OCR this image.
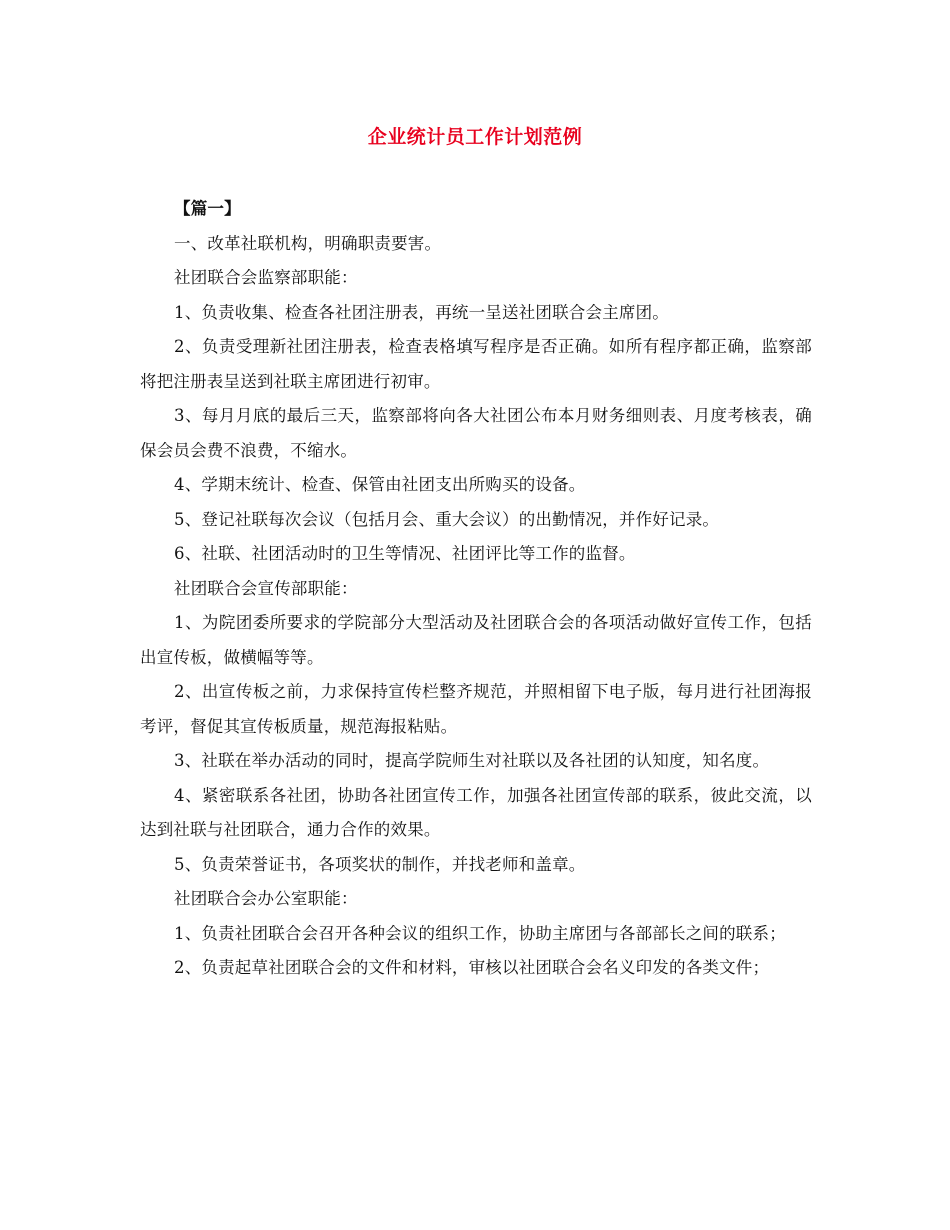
企业统计员工作计划范例

【篇一】

一、改革社联机构，明确职责要害。

社团联合会监察部职能：

1、负责收集、检查各社团注册表，再统一呈送社团联合会主席团。

2、负责受理新社团注册表，检查表格填写程序是否正确。如所有程序都正确，监察部将把注册表呈送到社联主席团进行初审。

3、每月月底的最后三天，监察部将向各大社团公布本月财务细则表、月度考核表，确保会员会费不浪费，不缩水。

4、学期末统计、检查、保管由社团支出所购买的设备。

5、登记社联每次会议（包括月会、重大会议）的出勤情况，并作好记录。

6、社联、社团活动时的卫生等情况、社团评比等工作的监督。

社团联合会宣传部职能：

1、为院团委所要求的学院部分大型活动及社团联合会的各项活动做好宣传工作，包括出宣传板，做横幅等等。

2、出宣传板之前，力求保持宣传栏整齐规范，并照相留下电子版，每月进行社团海报考评，督促其宣传板质量，规范海报粘贴。

3、社联在举办活动的同时，提高学院师生对社联以及各社团的认知度，知名度。

4、紧密联系各社团，协助各社团宣传工作，加强各社团宣传部的联系，彼此交流，以达到社联与社团联合，通力合作的效果。

5、负责荣誉证书，各项奖状的制作，并找老师和盖章。

社团联合会办公室职能：

1、负责社团联合会召开各种会议的组织工作，协助主席团与各部部长之间的联系；

2、负责起草社团联合会的文件和材料，审核以社团联合会名义印发的各类文件；
